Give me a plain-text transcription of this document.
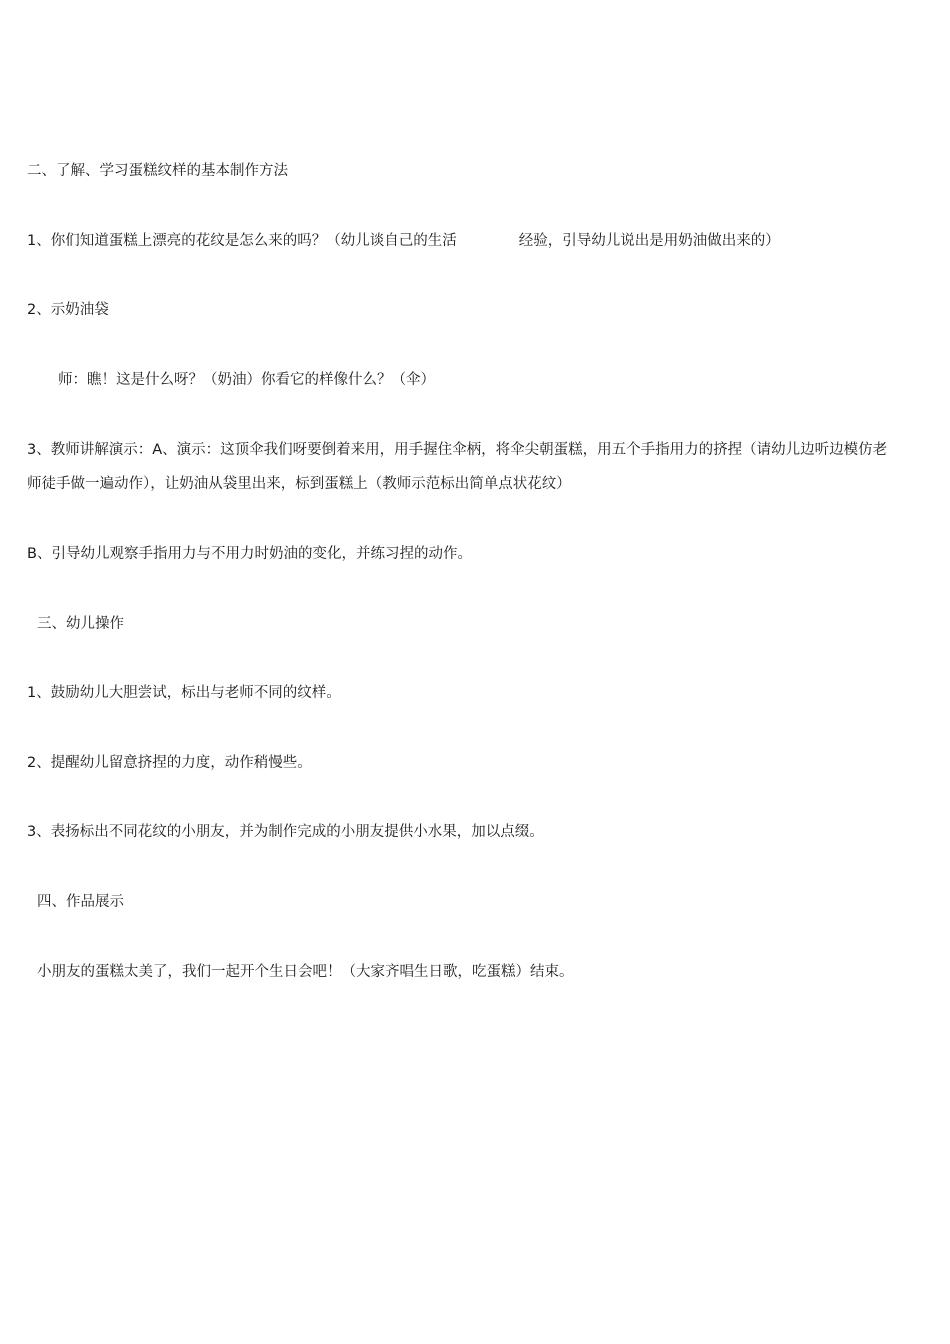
二、了解、学习蛋糕纹样的基本制作方法
1、你们知道蛋糕上漂亮的花纹是怎么来的吗？（幼儿谈自己的生活	经验，引导幼儿说出是用奶油做出来的）
2、示奶油袋
师：瞧！这是什么呀？（奶油）你看它的样像什么？（伞）
3、教师讲解演示：A、演示：这顶伞我们呀要倒着来用，用手握住伞柄，将伞尖朝蛋糕，用五个手指用力的挤捏（请幼儿边听边模仿老
师徒手做一遍动作），让奶油从袋里出来，标到蛋糕上（教师示范标出简单点状花纹）
B、引导幼儿观察手指用力与不用力时奶油的变化，并练习捏的动作。
三、幼儿操作
1、鼓励幼儿大胆尝试，标出与老师不同的纹样。
2、提醒幼儿留意挤捏的力度，动作稍慢些。
3、表扬标出不同花纹的小朋友，并为制作完成的小朋友提供小水果，加以点缀。
四、作品展示
小朋友的蛋糕太美了，我们一起开个生日会吧！（大家齐唱生日歌，吃蛋糕）结束。
